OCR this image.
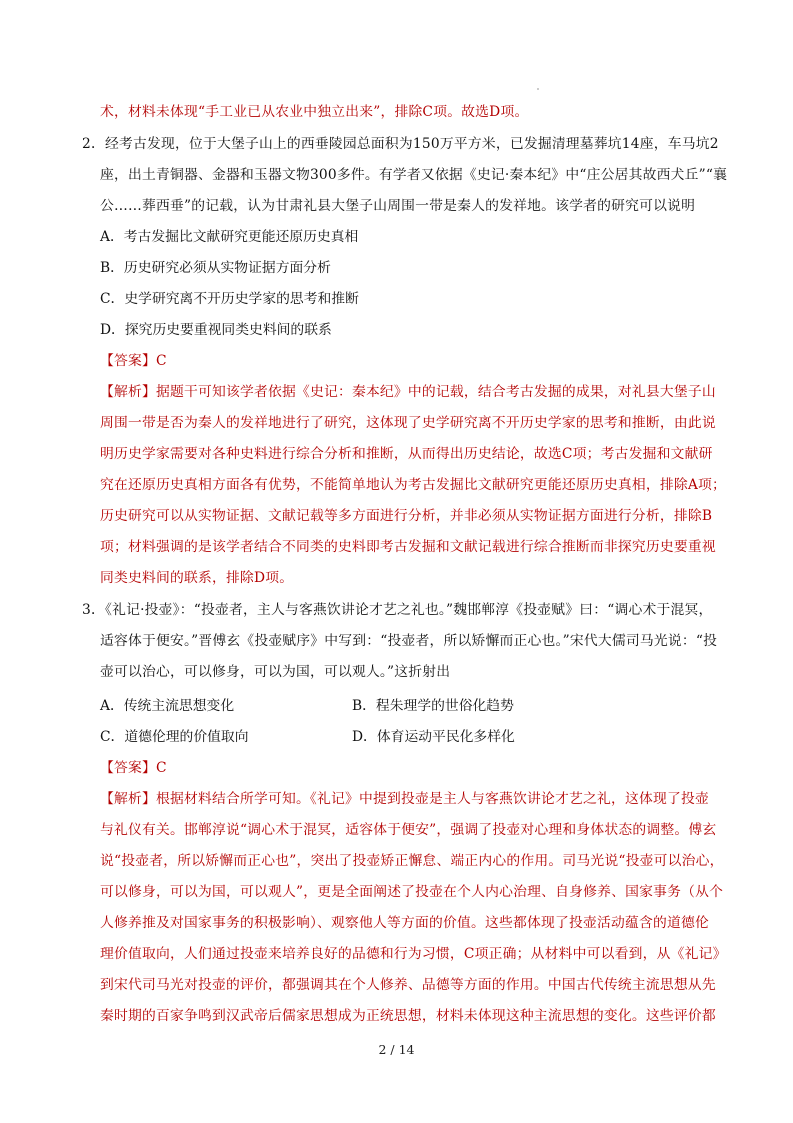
术，材料未体现“手工业已从农业中独立出来”，排除C项。故选D项。
2．经考古发现，位于大堡子山上的西垂陵园总面积为150万平方米，已发掘清理墓葬坑14座，车马坑2
座，出土青铜器、金器和玉器文物300多件。有学者又依据《史记·秦本纪》中“庄公居其故西犬丘”“襄
公……葬西垂”的记载，认为甘肃礼县大堡子山周围一带是秦人的发祥地。该学者的研究可以说明
A．考古发掘比文献研究更能还原历史真相
B．历史研究必须从实物证据方面分析
C．史学研究离不开历史学家的思考和推断
D．探究历史要重视同类史料间的联系
【答案】C
【解析】据题干可知该学者依据《史记：秦本纪》中的记载，结合考古发掘的成果，对礼县大堡子山
周围一带是否为秦人的发祥地进行了研究，这体现了史学研究离不开历史学家的思考和推断，由此说
明历史学家需要对各种史料进行综合分析和推断，从而得出历史结论，故选C项；考古发掘和文献研
究在还原历史真相方面各有优势，不能简单地认为考古发掘比文献研究更能还原历史真相，排除A项；
历史研究可以从实物证据、文献记载等多方面进行分析，并非必须从实物证据方面进行分析，排除B
项；材料强调的是该学者结合不同类的史料即考古发掘和文献记载进行综合推断而非探究历史要重视
同类史料间的联系，排除D项。
3．《礼记·投壶》：“投壶者，主人与客燕饮讲论才艺之礼也。”魏邯郸淳《投壶赋》曰：“调心术于混冥，
适容体于便安。”晋傅玄《投壶赋序》中写到：“投壶者，所以矫懈而正心也。”宋代大儒司马光说：“投
壶可以治心，可以修身，可以为国，可以观人。”这折射出
A．传统主流思想变化	B．程朱理学的世俗化趋势
C．道德伦理的价值取向	D．体育运动平民化多样化
【答案】C
【解析】根据材料结合所学可知。《礼记》中提到投壶是主人与客燕饮讲论才艺之礼，这体现了投壶
与礼仪有关。邯郸淳说“调心术于混冥，适容体于便安”，强调了投壶对心理和身体状态的调整。傅玄
说“投壶者，所以矫懈而正心也”，突出了投壶矫正懈怠、端正内心的作用。司马光说“投壶可以治心，
可以修身，可以为国，可以观人”，更是全面阐述了投壶在个人内心治理、自身修养、国家事务（从个
人修养推及对国家事务的积极影响）、观察他人等方面的价值。这些都体现了投壶活动蕴含的道德伦
理价值取向，人们通过投壶来培养良好的品德和行为习惯，C项正确；从材料中可以看到，从《礼记》
到宋代司马光对投壶的评价，都强调其在个人修养、品德等方面的作用。中国古代传统主流思想从先
秦时期的百家争鸣到汉武帝后儒家思想成为正统思想，材料未体现这种主流思想的变化。这些评价都
2 / 14
